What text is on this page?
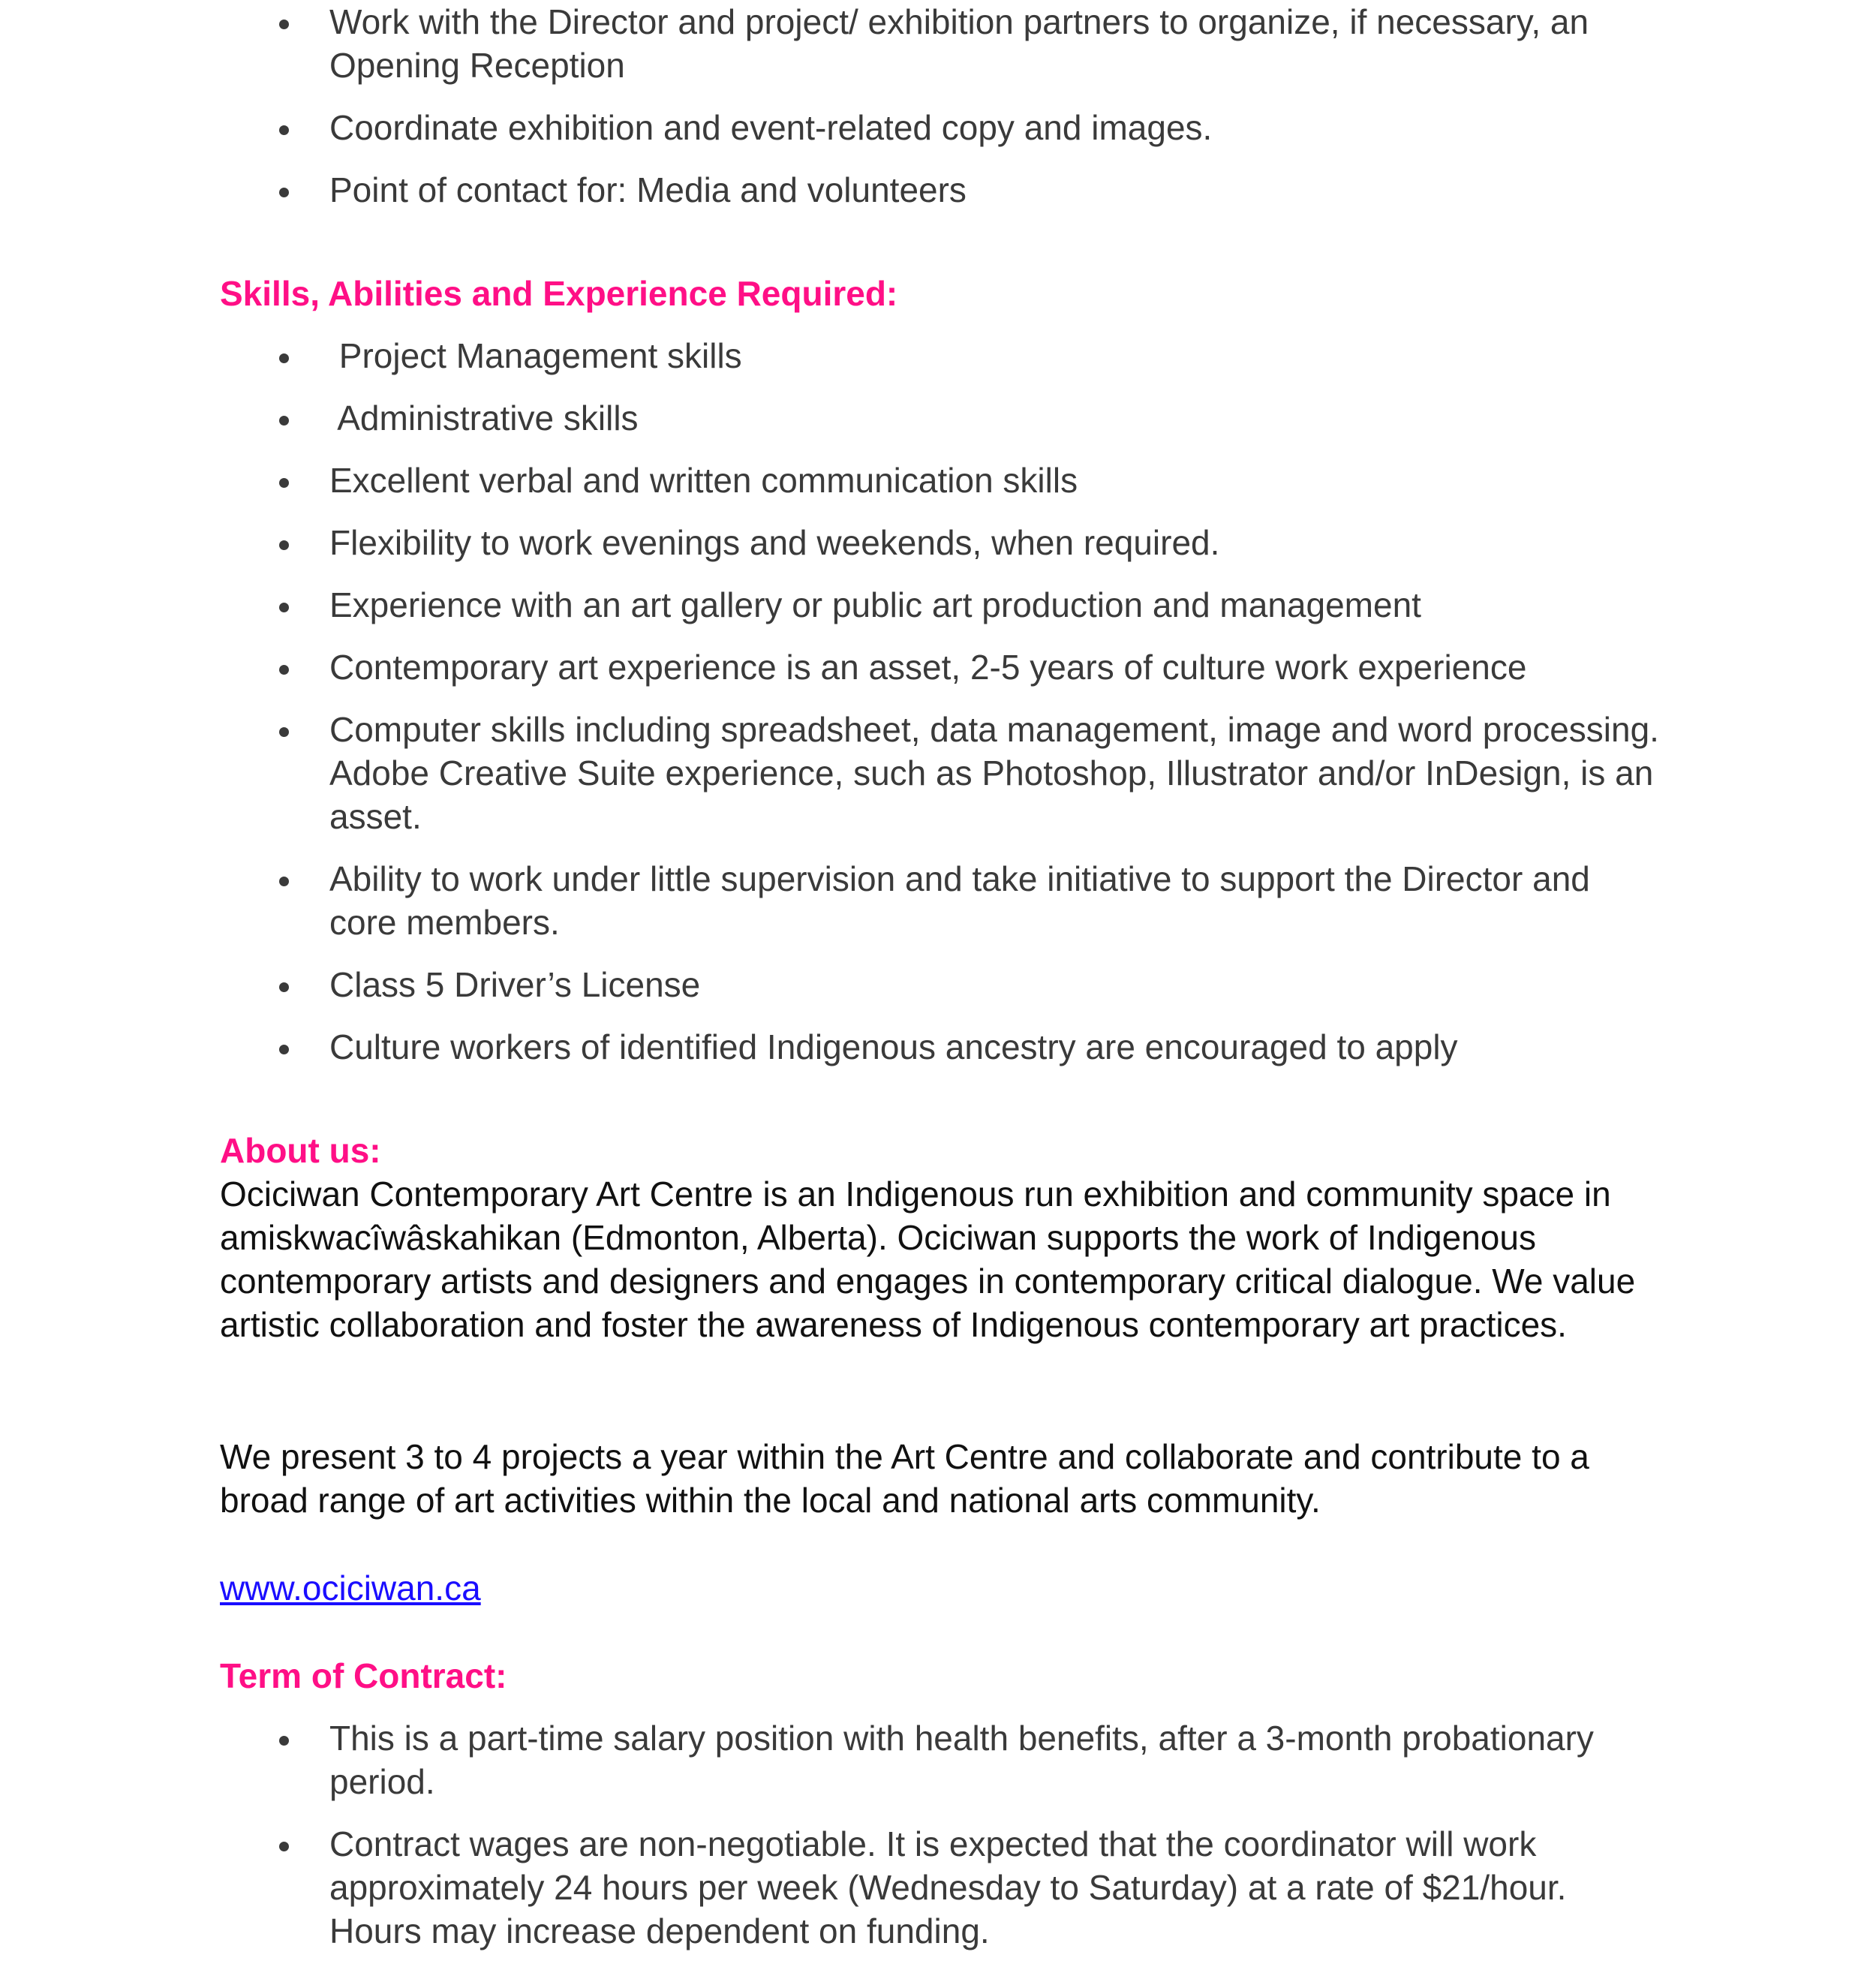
Work with the Director and project/ exhibition partners to organize, if necessary, an Opening Reception
Coordinate exhibition and event-related copy and images.
Point of contact for: Media and volunteers
Skills, Abilities and Experience Required:
Project Management skills
Administrative skills
Excellent verbal and written communication skills
Flexibility to work evenings and weekends, when required.
Experience with an art gallery or public art production and management
Contemporary art experience is an asset, 2-5 years of culture work experience
Computer skills including spreadsheet, data management, image and word processing. Adobe Creative Suite experience, such as Photoshop, Illustrator and/or InDesign, is an asset.
Ability to work under little supervision and take initiative to support the Director and core members.
Class 5 Driver’s License
Culture workers of identified Indigenous ancestry are encouraged to apply
About us:

Ociciwan Contemporary Art Centre is an Indigenous run exhibition and community space in amiskwacîwâskahikan (Edmonton, Alberta). Ociciwan supports the work of Indigenous contemporary artists and designers and engages in contemporary critical dialogue. We value artistic collaboration and foster the awareness of Indigenous contemporary art practices.

We present 3 to 4 projects a year within the Art Centre and collaborate and contribute to a broad range of art activities within the local and national arts community.

www.ociciwan.ca
Term of Contract:
This is a part-time salary position with health benefits, after a 3-month probationary period.
Contract wages are non-negotiable. It is expected that the coordinator will work approximately 24 hours per week (Wednesday to Saturday) at a rate of $21/hour. Hours may increase dependent on funding.
